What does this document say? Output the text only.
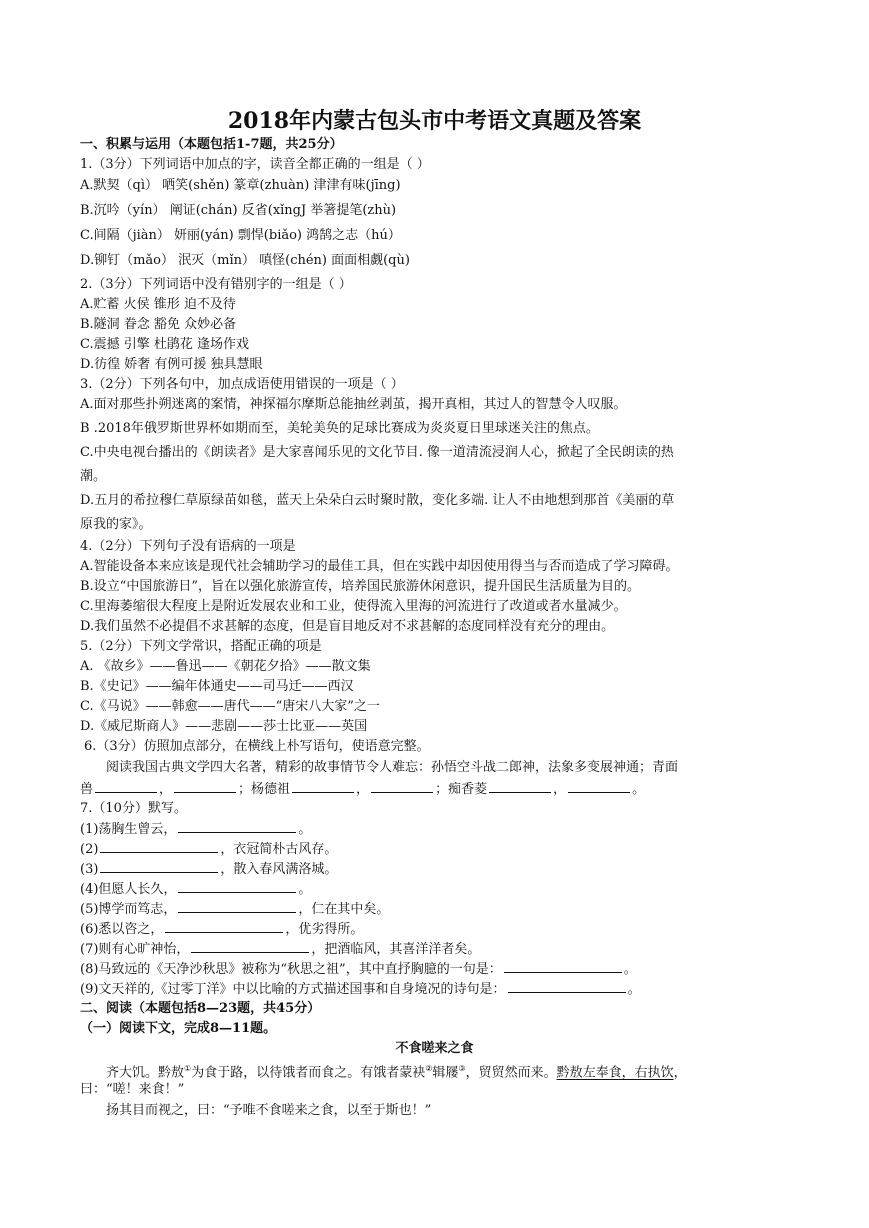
2018年内蒙古包头市中考语文真题及答案
一、积累与运用（本题包括1-7题，共25分）
1.（3分）下列词语中加点的字，读音全都正确的一组是（ ）
A.默契（qì） 哂笑(shěn) 篆章(zhuàn) 津津有味(jīng)
B.沉吟（yín） 阐证(chán) 反省(xǐngJ 举箸提笔(zhù)
C.间隔（jiàn） 妍丽(yán) 剽悍(biǎo) 鸿鹄之志（hú）
D.铆钉（mǎo） 泯灭（mǐn） 嗔怪(chén) 面面相觑(qù)
2.（3分）下列词语中没有错别字的一组是（ ）
A.贮蓄 火侯 锥形 迫不及待
B.隧洞 眷念 豁免 众妙必备
C.震撼 引擎 杜鹃花 逢场作戏
D.彷徨 娇奢 有例可援 独具慧眼
3.（2分）下列各句中，加点成语使用错误的一项是（ ）
A.面对那些扑朔迷离的案情，神探福尔摩斯总能抽丝剥茧，揭开真相，其过人的智慧令人叹服。
B .2018年俄罗斯世界杯如期而至，美轮美奂的足球比赛成为炎炎夏日里球迷关注的焦点。
C.中央电视台播出的《朗读者》是大家喜闻乐见的文化节目. 像一道清流浸润人心，掀起了全民朗读的热
潮。
D.五月的希拉穆仁草原绿苗如毯，蓝天上朵朵白云时聚时散，变化多端. 让人不由地想到那首《美丽的草
原我的家》。
4.（2分）下列句子没有语病的一项是
A.智能设备本来应该是现代社会辅助学习的最佳工具，但在实践中却因使用得当与否而造成了学习障碍。
B.设立“中国旅游日”，旨在以强化旅游宣传，培养国民旅游休闲意识，提升国民生活质量为目的。
C.里海萎缩很大程度上是附近发展农业和工业，使得流入里海的河流进行了改道或者水量减少。
D.我们虽然不必提倡不求甚解的态度，但是盲目地反对不求甚解的态度同样没有充分的理由。
5.（2分）下列文学常识，搭配正确的项是
A. 《故乡》——鲁迅——《朝花夕拾》——散文集
B.《史记》——编年体通史——司马迁——西汉
C.《马说》——韩愈——唐代——“唐宋八大家”之一
D.《威尼斯商人》——悲剧——莎士比亚——英国
6.（3分）仿照加点部分，在横线上朴写语句，使语意完整。
阅读我国古典文学四大名著，精彩的故事情节令人难忘：孙悟空斗战二郎神，法象多变展神通；青面
兽	，	；杨德祖	，	；痴香菱	，	。
7.（10分）默写。
(1)荡胸生曾云，	。
(2)	，衣冠简朴古风存。
(3)	，散入春风满洛城。
(4)但愿人长久，	。
(5)博学而笃志，	，仁在其中矣。
(6)悉以咨之，	，优劣得所。
(7)则有心旷神怡，	，把酒临风，其喜洋洋者矣。
(8)马致远的《天净沙秋思》被称为“秋思之祖”，其中直抒胸臆的一句是：	。
(9)文天祥的,《过零丁洋》中以比喻的方式描述国事和自身境况的诗句是：	。
二、阅读（本题包括8—23题，共45分）
（一）阅读下文，完成8—11题。
不食嗟来之食
齐大饥。黔敖①为食于路，以待饿者而食之。有饿者蒙袂②辑屦③，贸贸然而来。黔敖左奉食，右执饮，
曰：“嗟！来食！”
扬其目而视之，曰：“予唯不食嗟来之食，以至于斯也！”
